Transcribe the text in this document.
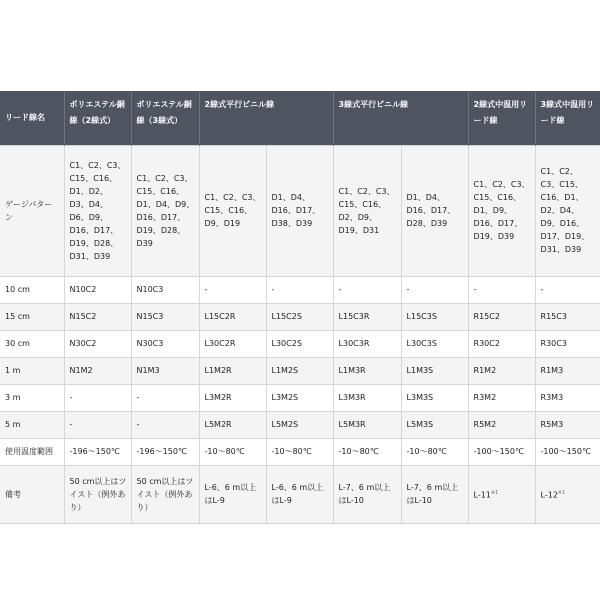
リード線名	ポリエステル銅線（2線式）	ポリエステル銅線（3線式）	2線式平行ビニル線		3線式平行ビニル線		2線式中温用リード線	3線式中温用リード線
ゲージパターン	C1、C2、C3、C15、C16、D1、D2、D3、D4、D6、D9、D16、D17、D19、D28、D31、D39	C1、C2、C3、C15、C16、D1、D4、D9、D16、D17、D19、D28、D39	C1、C2、C3、C15、C16、D9、D19	D1、D4、D16、D17、D38、D39	C1、C2、C3、C15、C16、D2、D9、D19、D31	D1、D4、D16、D17、D28、D39	C1、C2、C3、C15、C16、D1、D9、D16、D17、D19、D39	C1、C2、C3、C15、C16、D1、D2、D4、D9、D16、D17、D19、D31、D39
10 cm	N10C2	N10C3	-	-	-	-	-	-
15 cm	N15C2	N15C3	L15C2R	L15C2S	L15C3R	L15C3S	R15C2	R15C3
30 cm	N30C2	N30C3	L30C2R	L30C2S	L30C3R	L30C3S	R30C2	R30C3
1 m	N1M2	N1M3	L1M2R	L1M2S	L1M3R	L1M3S	R1M2	R1M3
3 m	-	-	L3M2R	L3M2S	L3M3R	L3M3S	R3M2	R3M3
5 m	-	-	L5M2R	L5M2S	L5M3R	L5M3S	R5M2	R5M3
使用温度範囲	-196～150℃	-196～150℃	-10～80℃	-10～80℃	-10～80℃	-10～80℃	-100～150℃	-100～150℃
備考	50 cm以上はツイスト（例外あり）	50 cm以上はツイスト（例外あり）	L-6、6 m以上はL-9	L-6、6 m以上はL-9	L-7、6 m以上はL-10	L-7、6 m以上はL-10	L-11$^{※1}$	L-12$^{※1}$
